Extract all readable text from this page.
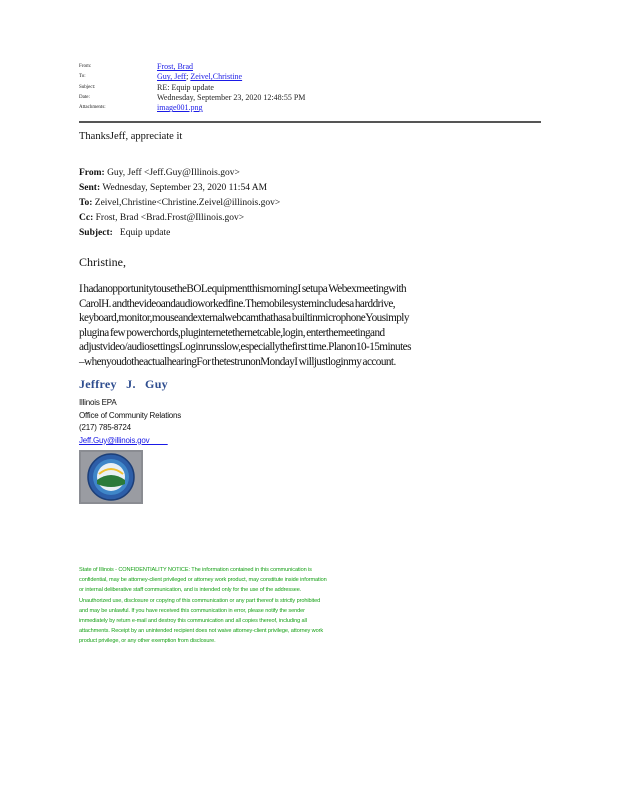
From:	Frost, Brad
To:	Guy, Jeff; Zeivel,Christine
Subject:	RE: Equip update
Date:	Wednesday, September 23, 2020 12:48:55 PM
Attachments:	image001.png
ThanksJeff, appreciate it
From: Guy, Jeff <Jeff.Guy@Illinois.gov>
Sent: Wednesday, September 23, 2020 11:54 AM
To: Zeivel,Christine<Christine.Zeivel@illinois.gov>
Cc: Frost, Brad <Brad.Frost@Illinois.gov>
Subject: Equip update
Christine,
I hadanopportunitytousetheBOLequipmentthismorningI setupa Webexmeetingwith
CarolH. andthevideoandaudioworkedfine.Themobilesystemincludesa harddrive,
keyboard,monitor,mouseandexternalwebcamthathasa builtinmicrophoneYousimply
pluginа few powerchords,pluginternetethernetcable,login, enterthemeetingand
adjustvideo/audiosettingsLoginrunsslow,especiallythefirst time.Planon10-15minutes
–whenyoudotheactualhearingFor thetestrunonMondayI willjustloginmy account.
Jeffrey J. Guy
Illinois EPA
Office of Community Relations
(217) 785-8724
Jeff.Guy@illinois.gov
State of Illinois - CONFIDENTIALITY NOTICE: The information contained in this communication is
confidential, may be attorney-client privileged or attorney work product, may constitute inside information
or internal deliberative staff communication, and is intended only for the use of the addressee.
Unauthorized use, disclosure or copying of this communication or any part thereof is strictly prohibited
and may be unlawful. If you have received this communication in error, please notify the sender
immediately by return e-mail and destroy this communication and all copies thereof, including all
attachments. Receipt by an unintended recipient does not waive attorney-client privilege, attorney work
product privilege, or any other exemption from disclosure.
